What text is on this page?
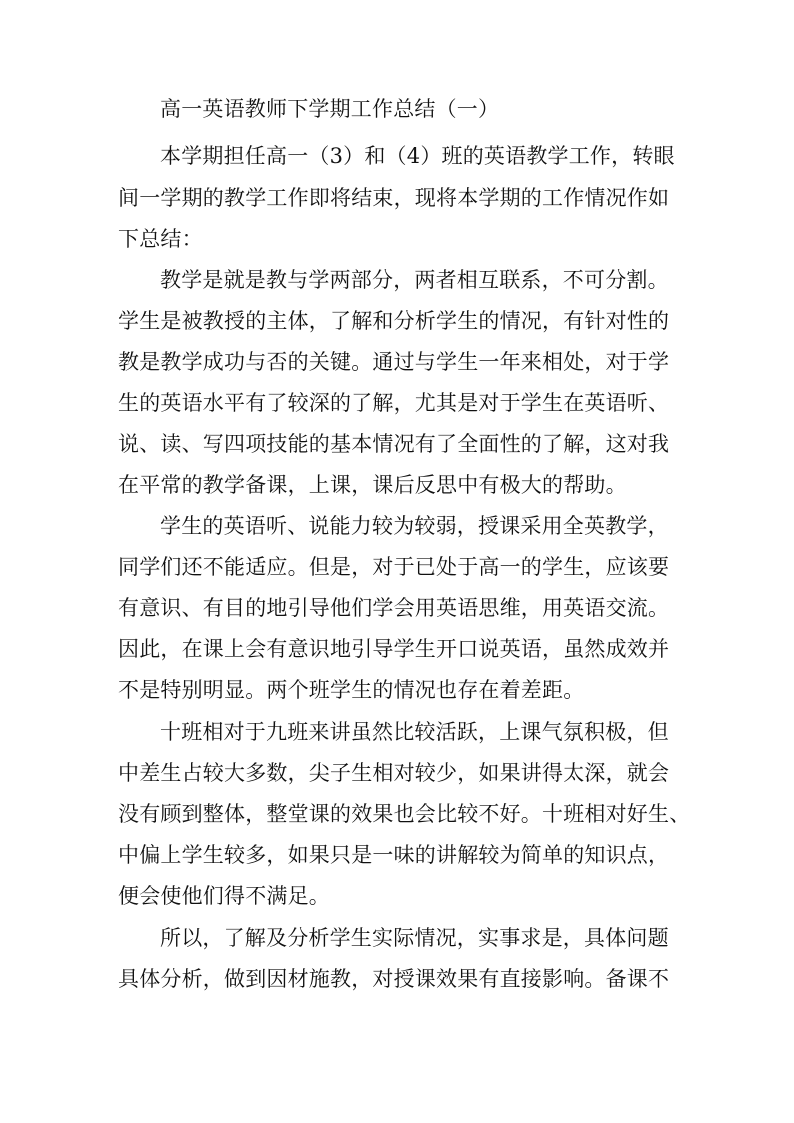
高一英语教师下学期工作总结（一）
本学期担任高一（3）和（4）班的英语教学工作，转眼
间一学期的教学工作即将结束，现将本学期的工作情况作如
下总结：
教学是就是教与学两部分，两者相互联系，不可分割。
学生是被教授的主体，了解和分析学生的情况，有针对性的
教是教学成功与否的关键。通过与学生一年来相处，对于学
生的英语水平有了较深的了解，尤其是对于学生在英语听、
说、读、写四项技能的基本情况有了全面性的了解，这对我
在平常的教学备课，上课，课后反思中有极大的帮助。
学生的英语听、说能力较为较弱，授课采用全英教学，
同学们还不能适应。但是，对于已处于高一的学生，应该要
有意识、有目的地引导他们学会用英语思维，用英语交流。
因此，在课上会有意识地引导学生开口说英语，虽然成效并
不是特别明显。两个班学生的情况也存在着差距。
十班相对于九班来讲虽然比较活跃，上课气氛积极，但
中差生占较大多数，尖子生相对较少，如果讲得太深，就会
没有顾到整体，整堂课的效果也会比较不好。十班相对好生、
中偏上学生较多，如果只是一味的讲解较为简单的知识点，
便会使他们得不满足。
所以，了解及分析学生实际情况，实事求是，具体问题
具体分析，做到因材施教，对授课效果有直接影响。备课不
